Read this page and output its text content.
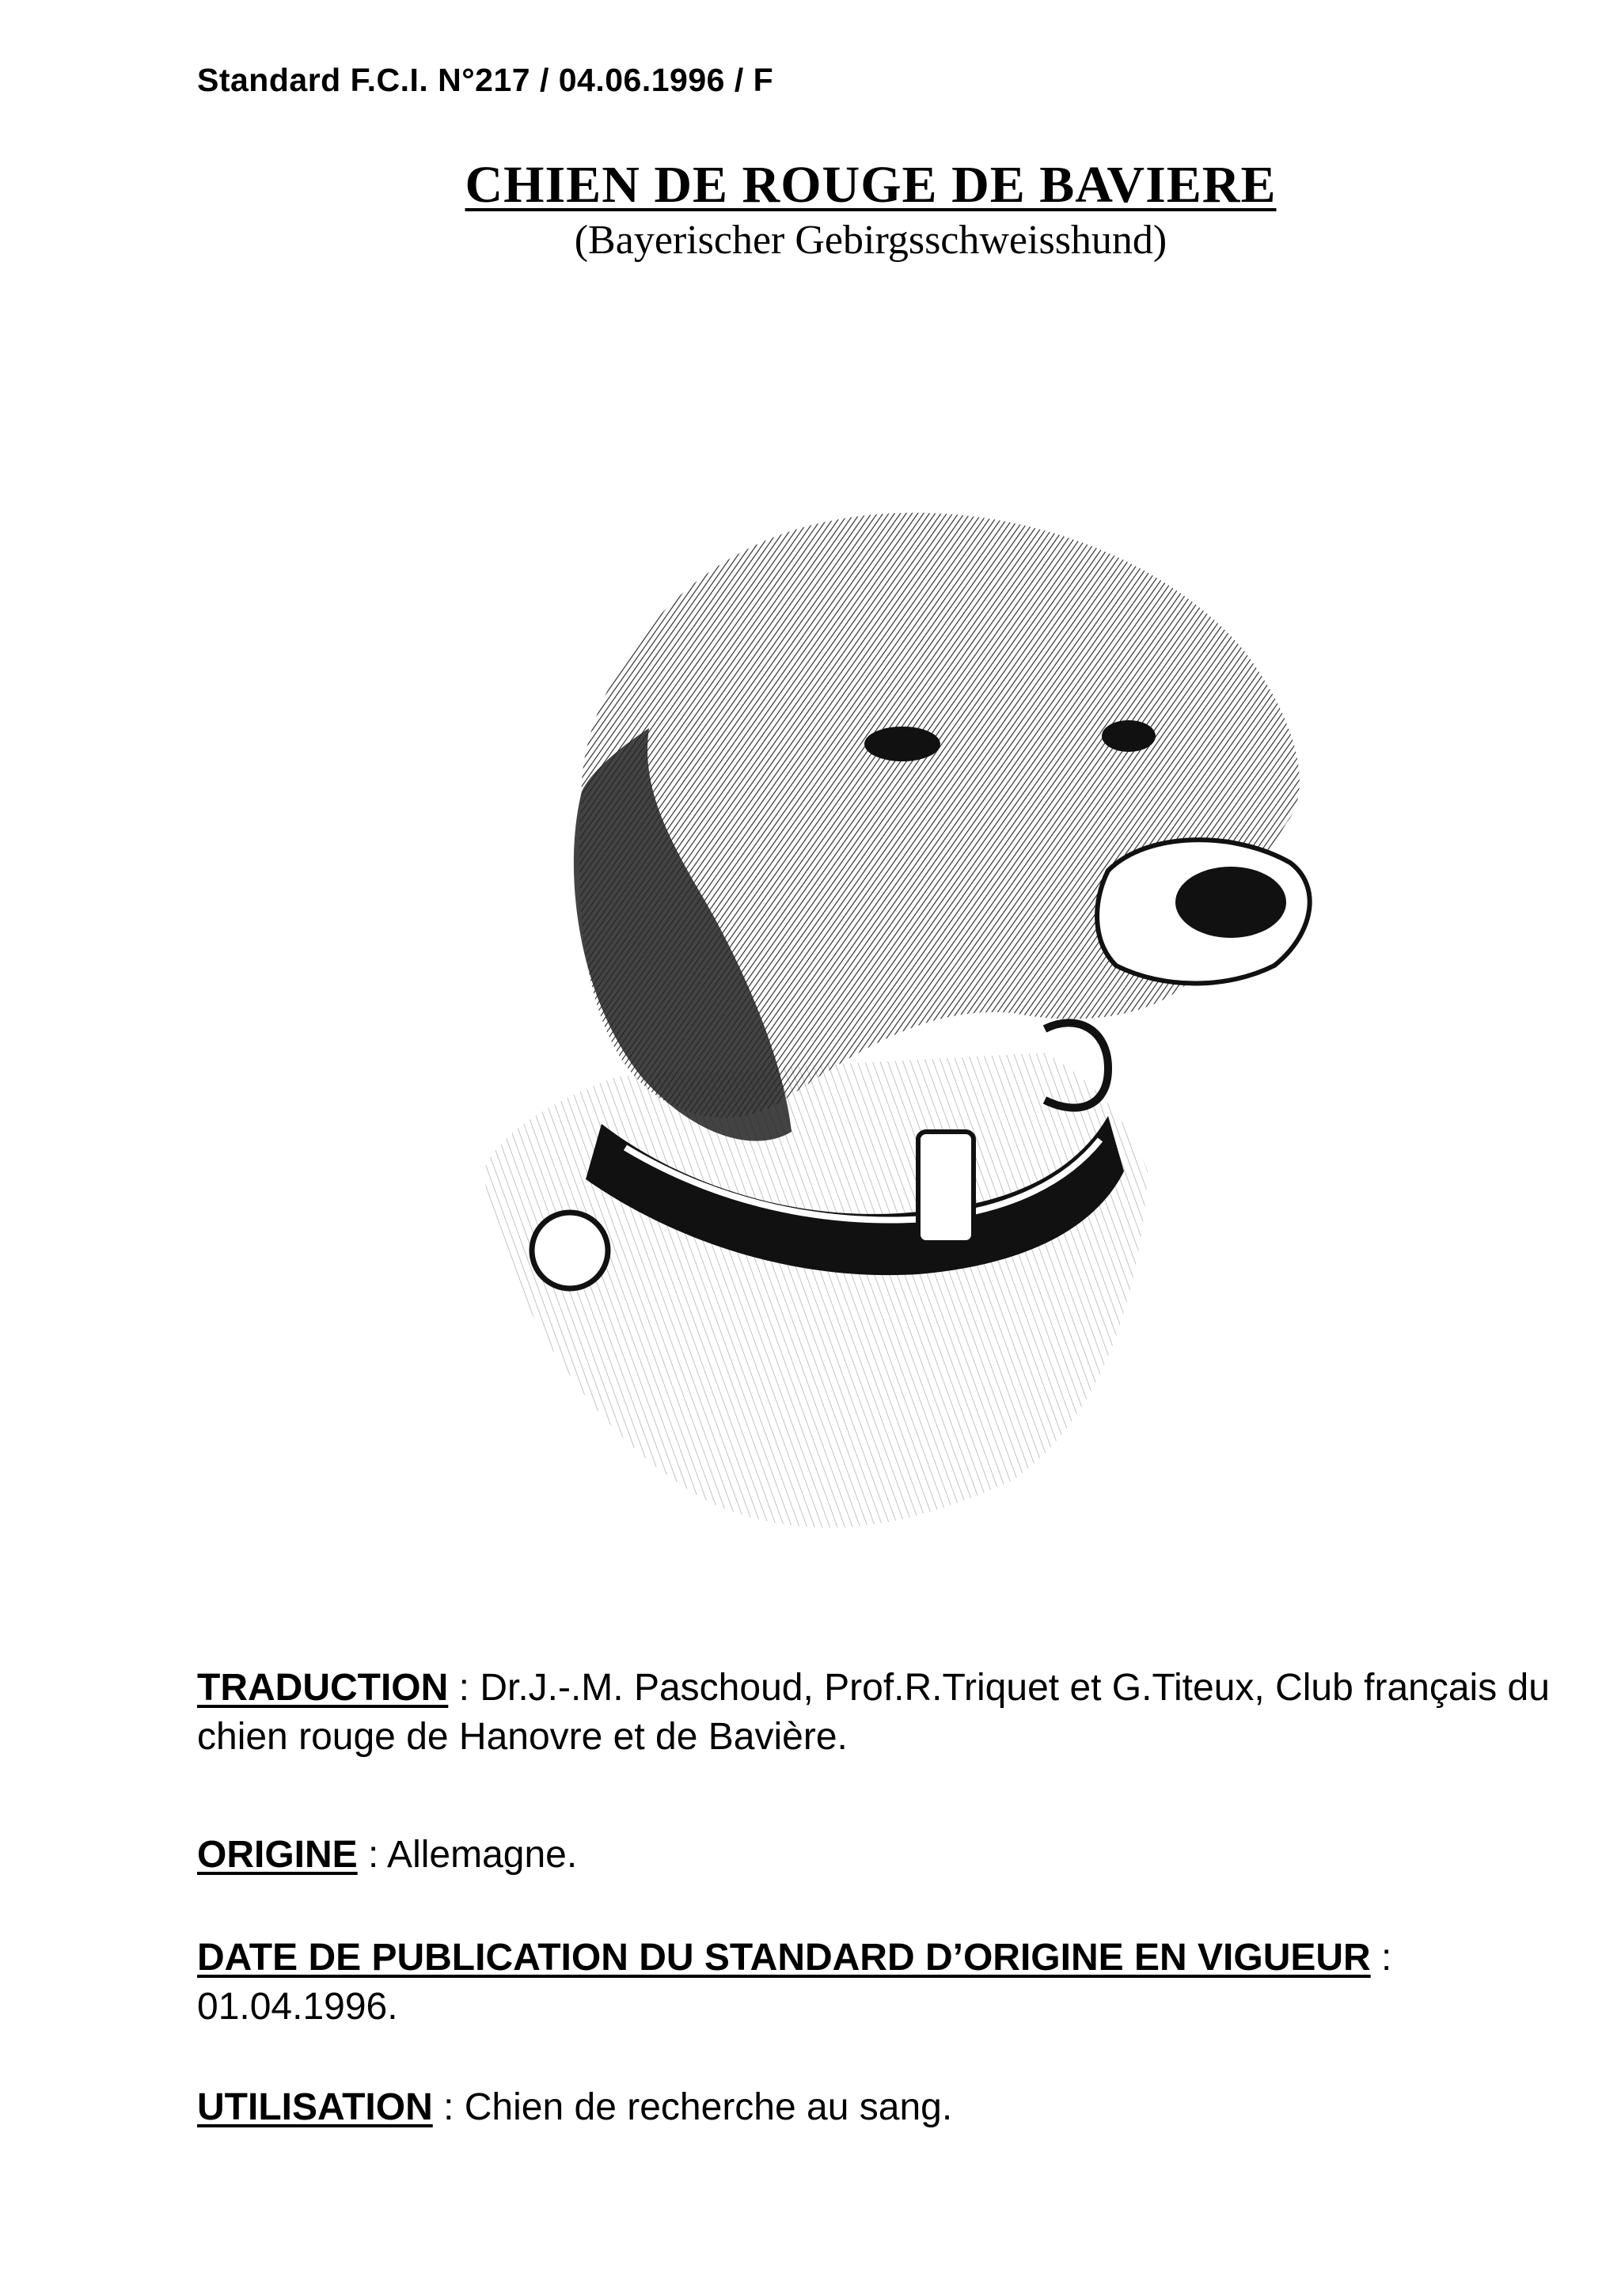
Standard F.C.I. N°217 / 04.06.1996 / F
CHIEN DE ROUGE DE BAVIERE
(Bayerischer Gebirgsschweisshund)
TRADUCTION : Dr.J.-.M. Paschoud, Prof.R.Triquet et G.Titeux, Club français du chien rouge de Hanovre et de Bavière.
ORIGINE : Allemagne.
DATE DE PUBLICATION DU STANDARD D’ORIGINE EN VIGUEUR :
01.04.1996.
UTILISATION : Chien de recherche au sang.
